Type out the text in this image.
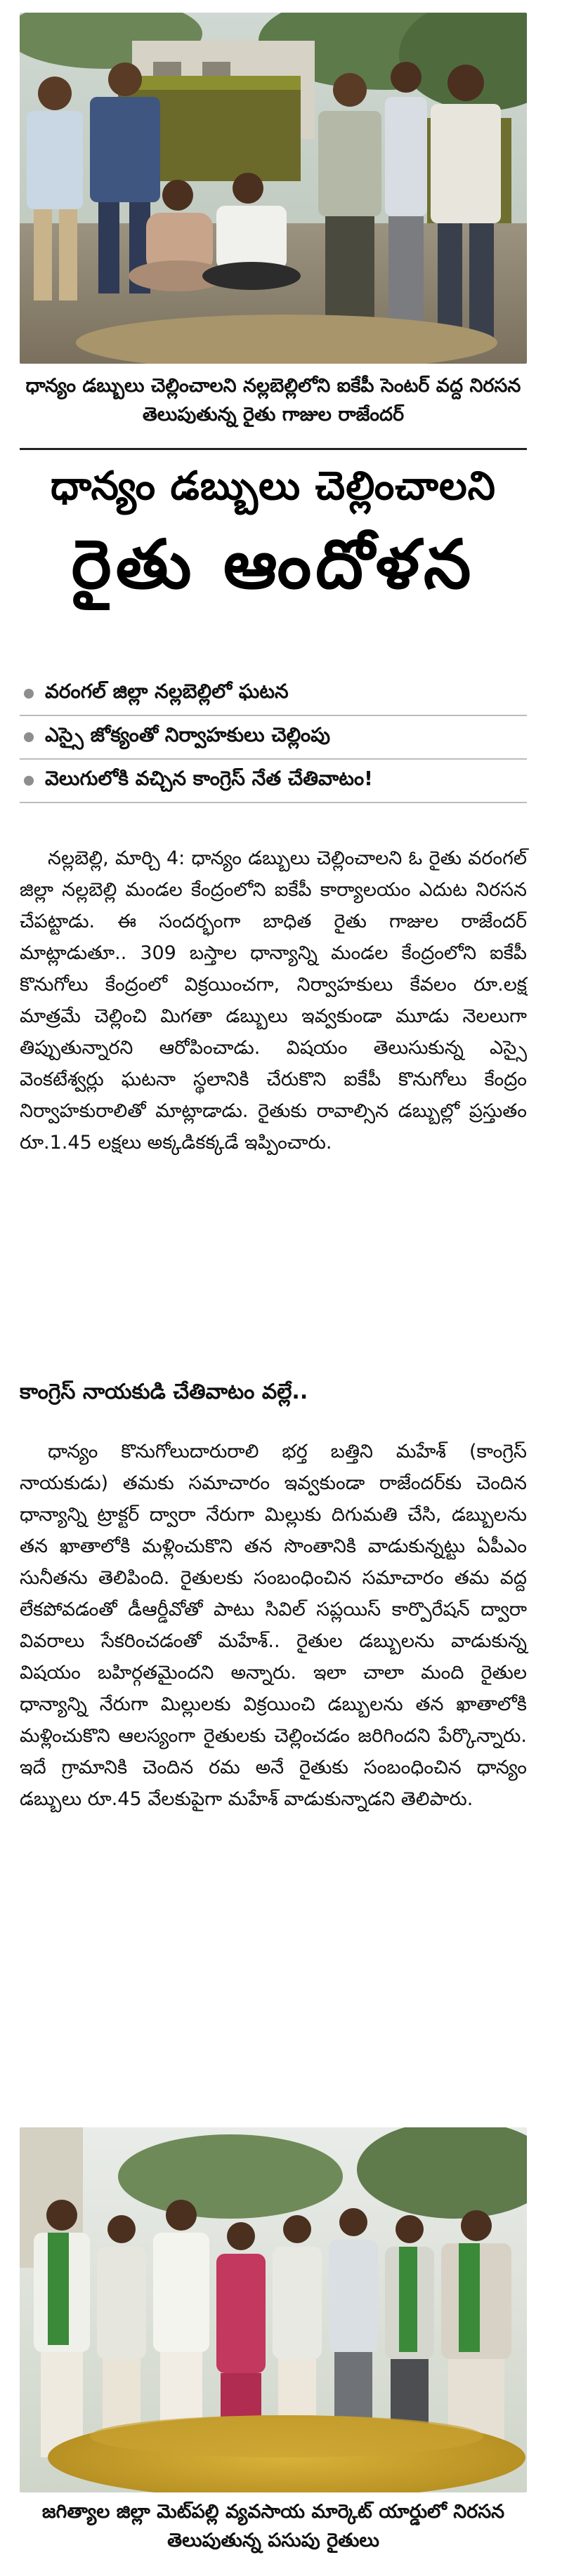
ధాన్యం డబ్బులు చెల్లించాలని నల్లబెల్లిలోని ఐకేపీ సెంటర్ వద్ద నిరసన తెలుపుతున్న రైతు గాజుల రాజేందర్
ధాన్యం డబ్బులు చెల్లించాలని
రైతు ఆందోళన
వరంగల్ జిల్లా నల్లబెల్లిలో ఘటన
ఎస్సై జోక్యంతో నిర్వాహకులు చెల్లింపు
వెలుగులోకి వచ్చిన కాంగ్రెస్ నేత చేతివాటం!

నల్లబెల్లి, మార్చి 4: ధాన్యం డబ్బులు చెల్లించాలని ఓ రైతు వరంగల్ జిల్లా నల్లబెల్లి మండల కేంద్రంలోని ఐకేపీ కార్యాలయం ఎదుట నిరసన చేపట్టాడు. ఈ సందర్భంగా బాధిత రైతు గాజుల రాజేందర్ మాట్లాడుతూ.. 309 బస్తాల ధాన్యాన్ని మండల కేంద్రంలోని ఐకేపీ కొనుగోలు కేంద్రంలో విక్రయించగా, నిర్వాహకులు కేవలం రూ.లక్ష మాత్రమే చెల్లించి మిగతా డబ్బులు ఇవ్వకుండా మూడు నెలలుగా తిప్పుతున్నారని ఆరోపించాడు. విషయం తెలుసుకున్న ఎస్సై వెంకటేశ్వర్లు ఘటనా స్థలానికి చేరుకొని ఐకేపీ కొనుగోలు కేంద్రం నిర్వాహకురాలితో మాట్లాడాడు. రైతుకు రావాల్సిన డబ్బుల్లో ప్రస్తుతం రూ.1.45 లక్షలు అక్కడికక్కడే ఇప్పించారు.

కాంగ్రెస్ నాయకుడి చేతివాటం వల్లే..

ధాన్యం కొనుగోలుదారురాలి భర్త బత్తిని మహేశ్ (కాంగ్రెస్ నాయకుడు) తమకు సమాచారం ఇవ్వకుండా రాజేందర్‌కు చెందిన ధాన్యాన్ని ట్రాక్టర్ ద్వారా నేరుగా మిల్లుకు దిగుమతి చేసి, డబ్బులను తన ఖాతాలోకి మళ్లించుకొని తన సొంతానికి వాడుకున్నట్టు ఏపీఎం సునీతను తెలిపింది. రైతులకు సంబంధించిన సమాచారం తమ వద్ద లేకపోవడంతో డీఆర్డీవోతో పాటు సివిల్ సప్లయిస్ కార్పొరేషన్ ద్వారా వివరాలు సేకరించడంతో మహేశ్.. రైతుల డబ్బులను వాడుకున్న విషయం బహిర్గతమైందని అన్నారు. ఇలా చాలా మంది రైతుల ధాన్యాన్ని నేరుగా మిల్లులకు విక్రయించి డబ్బులను తన ఖాతాలోకి మళ్లించుకొని ఆలస్యంగా రైతులకు చెల్లించడం జరిగిందని పేర్కొన్నారు. ఇదే గ్రామానికి చెందిన రమ అనే రైతుకు సంబంధించిన ధాన్యం డబ్బులు రూ.45 వేలకుపైగా మహేశ్ వాడుకున్నాడని తెలిపారు.

జగిత్యాల జిల్లా మెట్‌పల్లి వ్యవసాయ మార్కెట్ యార్డులో నిరసన తెలుపుతున్న పసుపు రైతులు
